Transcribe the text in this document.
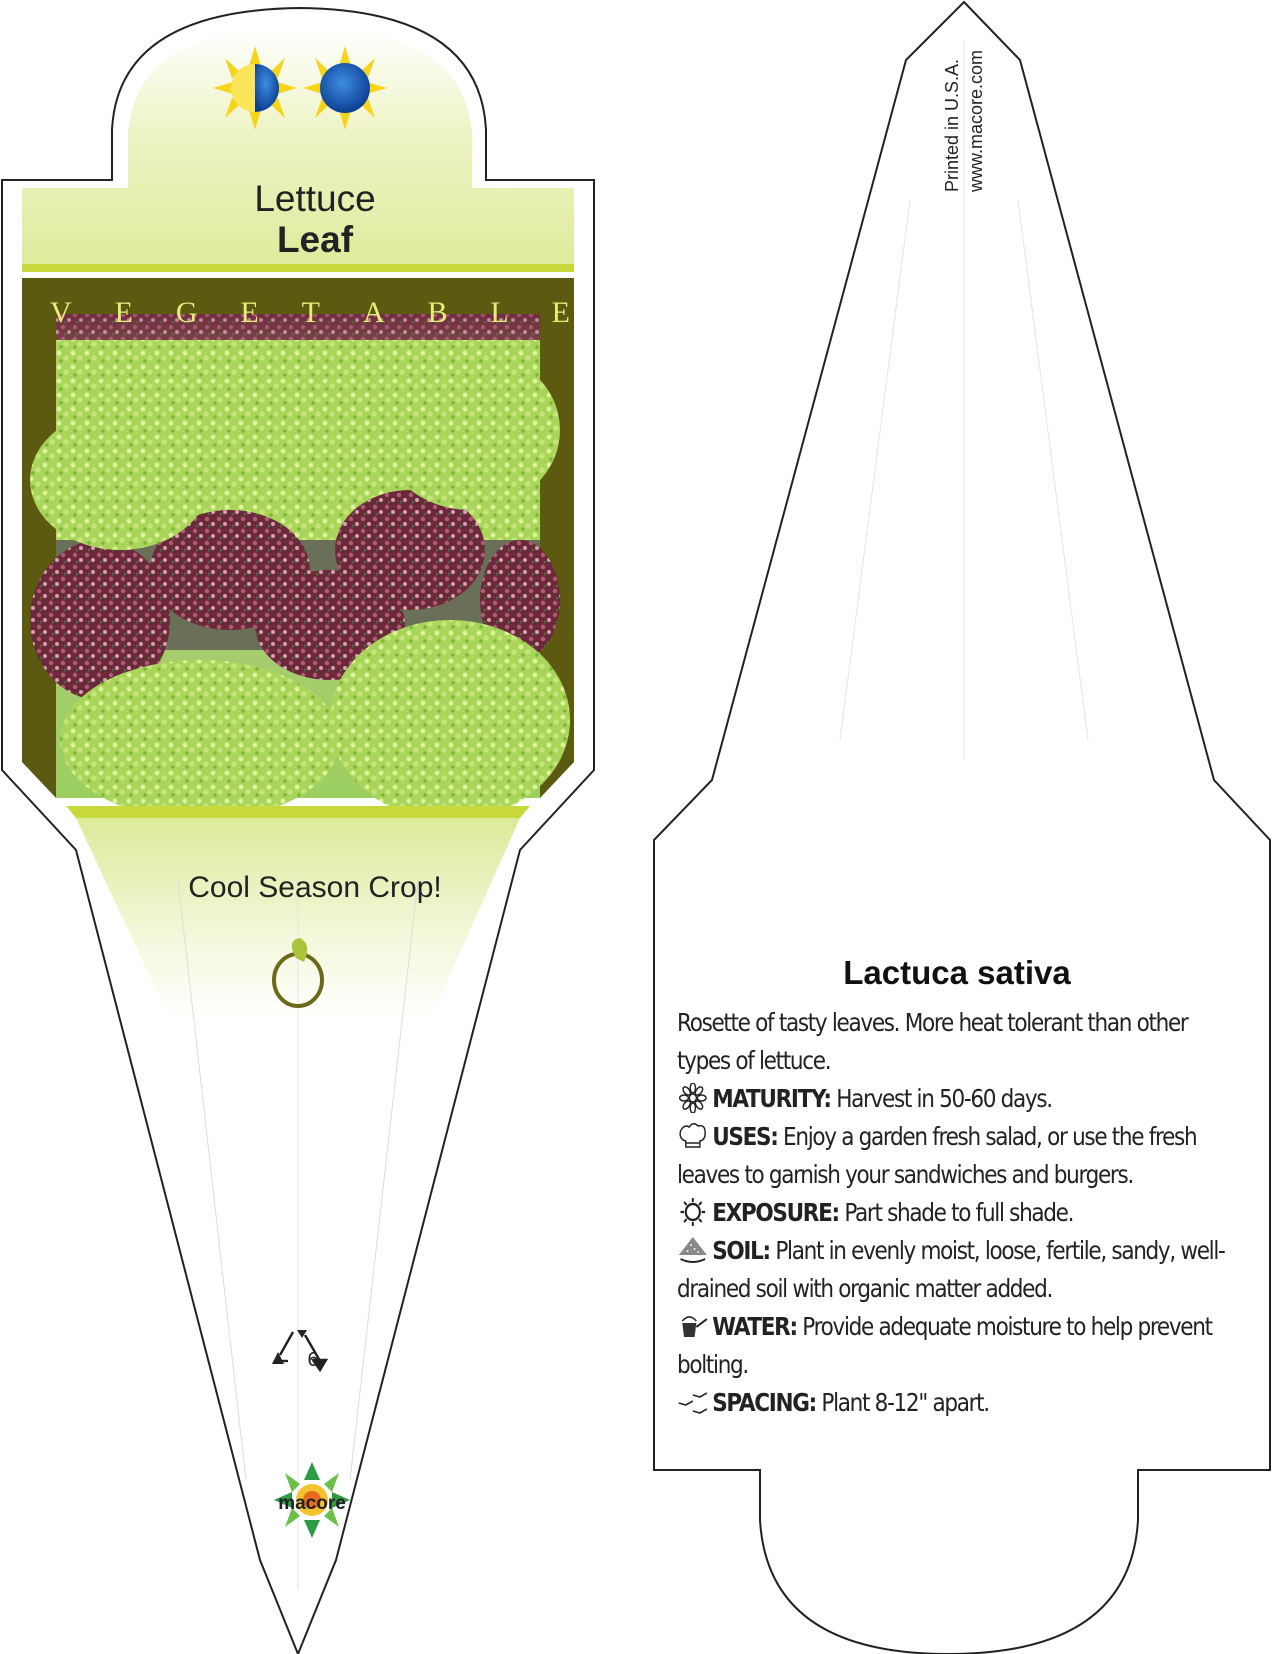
Lettuce
Leaf
V E G E T A B L E
Cool Season Crop!
6
macore
Printed in U.S.A. www.macore.com
Lactuca sativa
Rosette of tasty leaves. More heat tolerant than other types of lettuce.
MATURITY: Harvest in 50-60 days.
USES: Enjoy a garden fresh salad, or use the fresh leaves to garnish your sandwiches and burgers.
EXPOSURE: Part shade to full shade.
SOIL: Plant in evenly moist, loose, fertile, sandy, well-drained soil with organic matter added.
WATER: Provide adequate moisture to help prevent bolting.
SPACING: Plant 8-12" apart.
